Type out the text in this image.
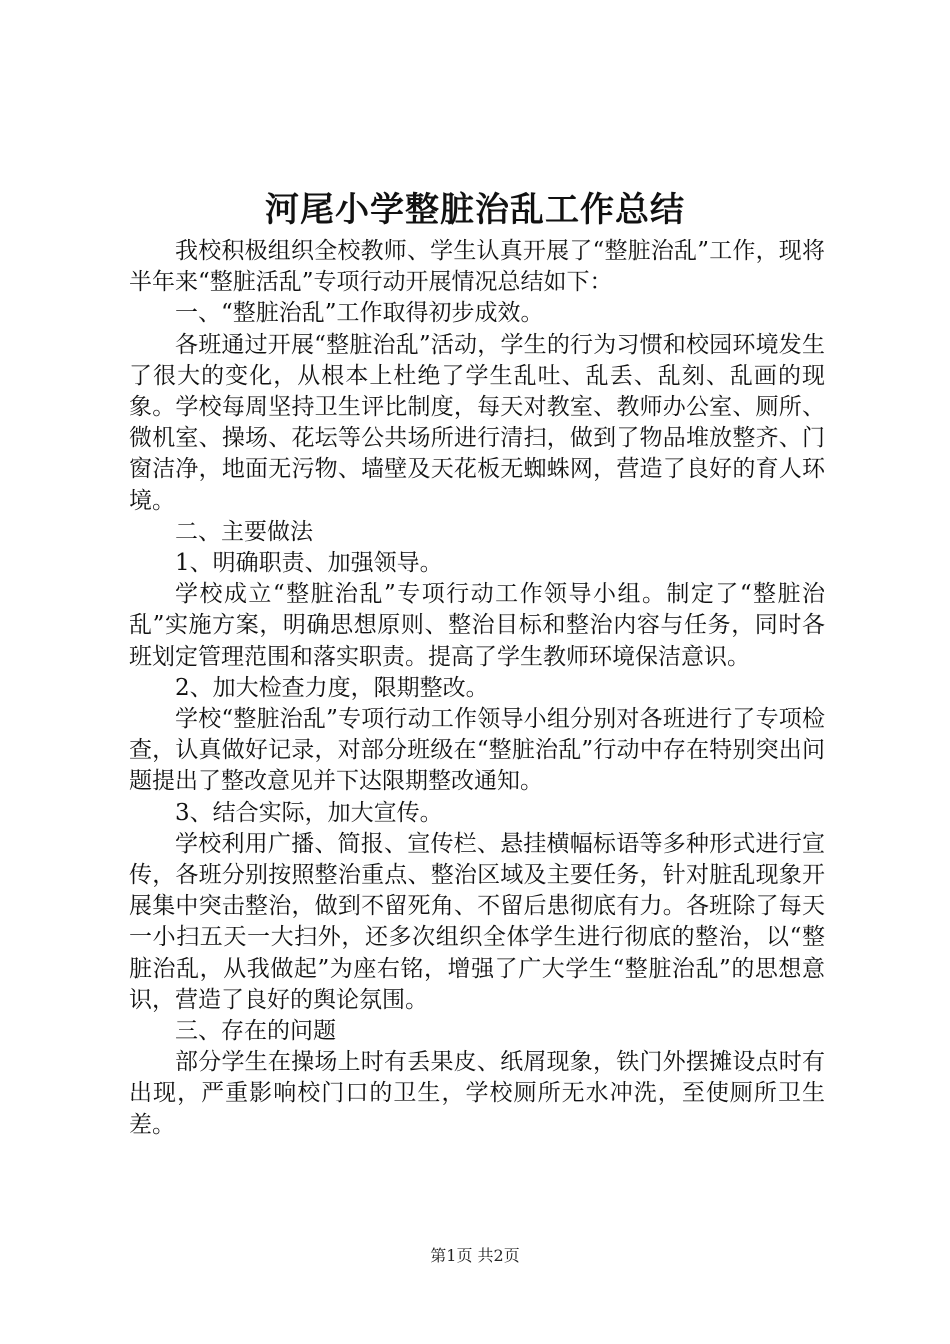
河尾小学整脏治乱工作总结

我校积极组织全校教师、学生认真开展了“整脏治乱”工作，现将半年来“整脏活乱”专项行动开展情况总结如下：

一、“整脏治乱”工作取得初步成效。

各班通过开展“整脏治乱”活动，学生的行为习惯和校园环境发生了很大的变化，从根本上杜绝了学生乱吐、乱丢、乱刻、乱画的现象。学校每周坚持卫生评比制度，每天对教室、教师办公室、厕所、微机室、操场、花坛等公共场所进行清扫，做到了物品堆放整齐、门窗洁净，地面无污物、墙壁及天花板无蜘蛛网，营造了良好的育人环境。

二、主要做法

1、明确职责、加强领导。

学校成立“整脏治乱”专项行动工作领导小组。制定了“整脏治乱”实施方案，明确思想原则、整治目标和整治内容与任务，同时各班划定管理范围和落实职责。提高了学生教师环境保洁意识。

2、加大检查力度，限期整改。

学校“整脏治乱”专项行动工作领导小组分别对各班进行了专项检查，认真做好记录，对部分班级在“整脏治乱”行动中存在特别突出问题提出了整改意见并下达限期整改通知。

3、结合实际，加大宣传。

学校利用广播、简报、宣传栏、悬挂横幅标语等多种形式进行宣传，各班分别按照整治重点、整治区域及主要任务，针对脏乱现象开展集中突击整治，做到不留死角、不留后患彻底有力。各班除了每天一小扫五天一大扫外，还多次组织全体学生进行彻底的整治，以“整脏治乱，从我做起”为座右铭，增强了广大学生“整脏治乱”的思想意识，营造了良好的舆论氛围。

三、存在的问题

部分学生在操场上时有丢果皮、纸屑现象，铁门外摆摊设点时有出现，严重影响校门口的卫生，学校厕所无水冲洗，至使厕所卫生差。

第1页 共2页
